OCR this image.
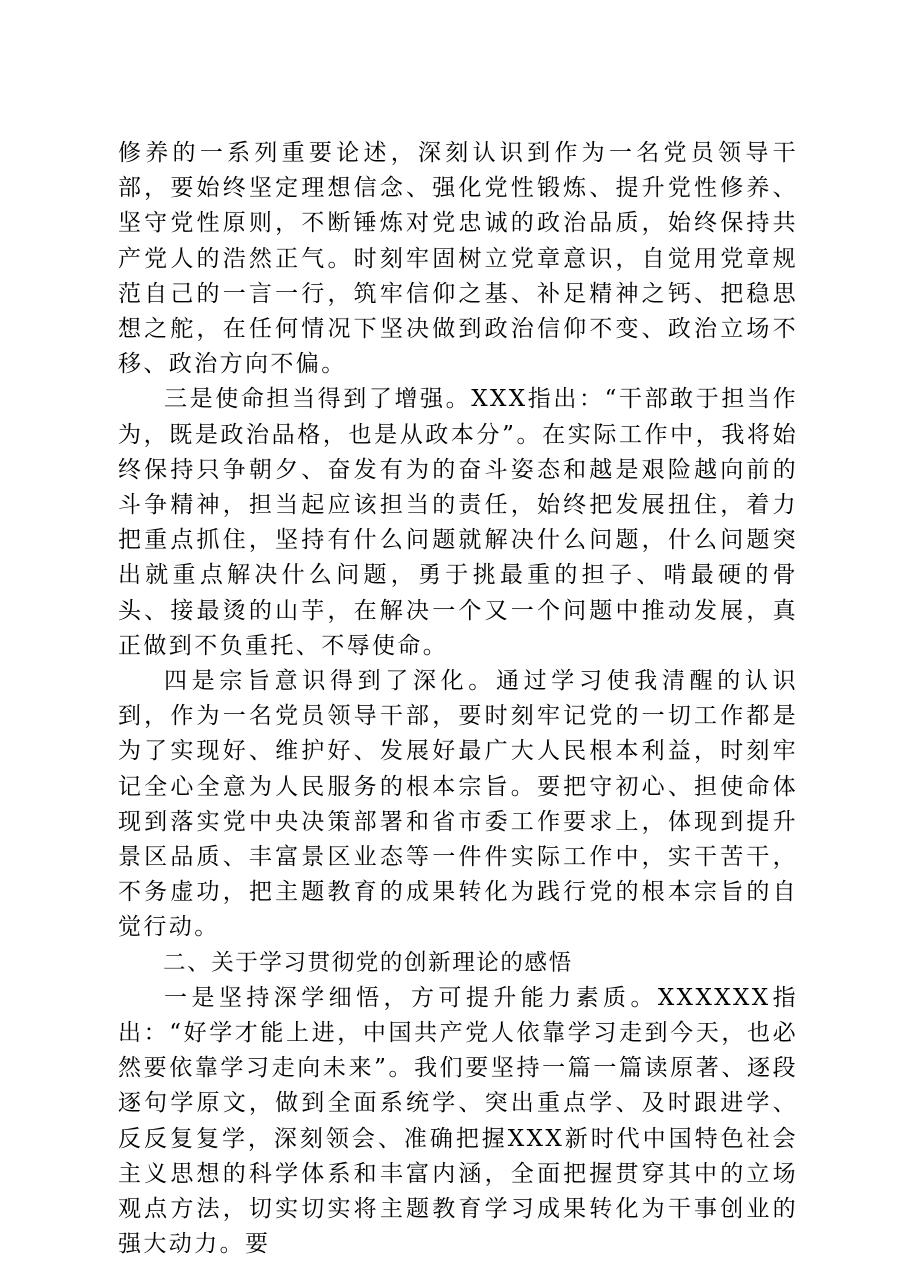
修养的一系列重要论述，深刻认识到作为一名党员领导干部，要始终坚定理想信念、强化党性锻炼、提升党性修养、坚守党性原则，不断锤炼对党忠诚的政治品质，始终保持共产党人的浩然正气。时刻牢固树立党章意识，自觉用党章规范自己的一言一行，筑牢信仰之基、补足精神之钙、把稳思想之舵，在任何情况下坚决做到政治信仰不变、政治立场不移、政治方向不偏。

三是使命担当得到了增强。XXX指出：“干部敢于担当作为，既是政治品格，也是从政本分”。在实际工作中，我将始终保持只争朝夕、奋发有为的奋斗姿态和越是艰险越向前的斗争精神，担当起应该担当的责任，始终把发展扭住，着力把重点抓住，坚持有什么问题就解决什么问题，什么问题突出就重点解决什么问题，勇于挑最重的担子、啃最硬的骨头、接最烫的山芋，在解决一个又一个问题中推动发展，真正做到不负重托、不辱使命。

四是宗旨意识得到了深化。通过学习使我清醒的认识到，作为一名党员领导干部，要时刻牢记党的一切工作都是为了实现好、维护好、发展好最广大人民根本利益，时刻牢记全心全意为人民服务的根本宗旨。要把守初心、担使命体现到落实党中央决策部署和省市委工作要求上，体现到提升景区品质、丰富景区业态等一件件实际工作中，实干苦干，不务虚功，把主题教育的成果转化为践行党的根本宗旨的自觉行动。

二、关于学习贯彻党的创新理论的感悟

一是坚持深学细悟，方可提升能力素质。XXXXXX指出：“好学才能上进，中国共产党人依靠学习走到今天，也必然要依靠学习走向未来”。我们要坚持一篇一篇读原著、逐段逐句学原文，做到全面系统学、突出重点学、及时跟进学、反反复复学，深刻领会、准确把握XXX新时代中国特色社会主义思想的科学体系和丰富内涵，全面把握贯穿其中的立场观点方法，切实切实将主题教育学习成果转化为干事创业的强大动力。要
